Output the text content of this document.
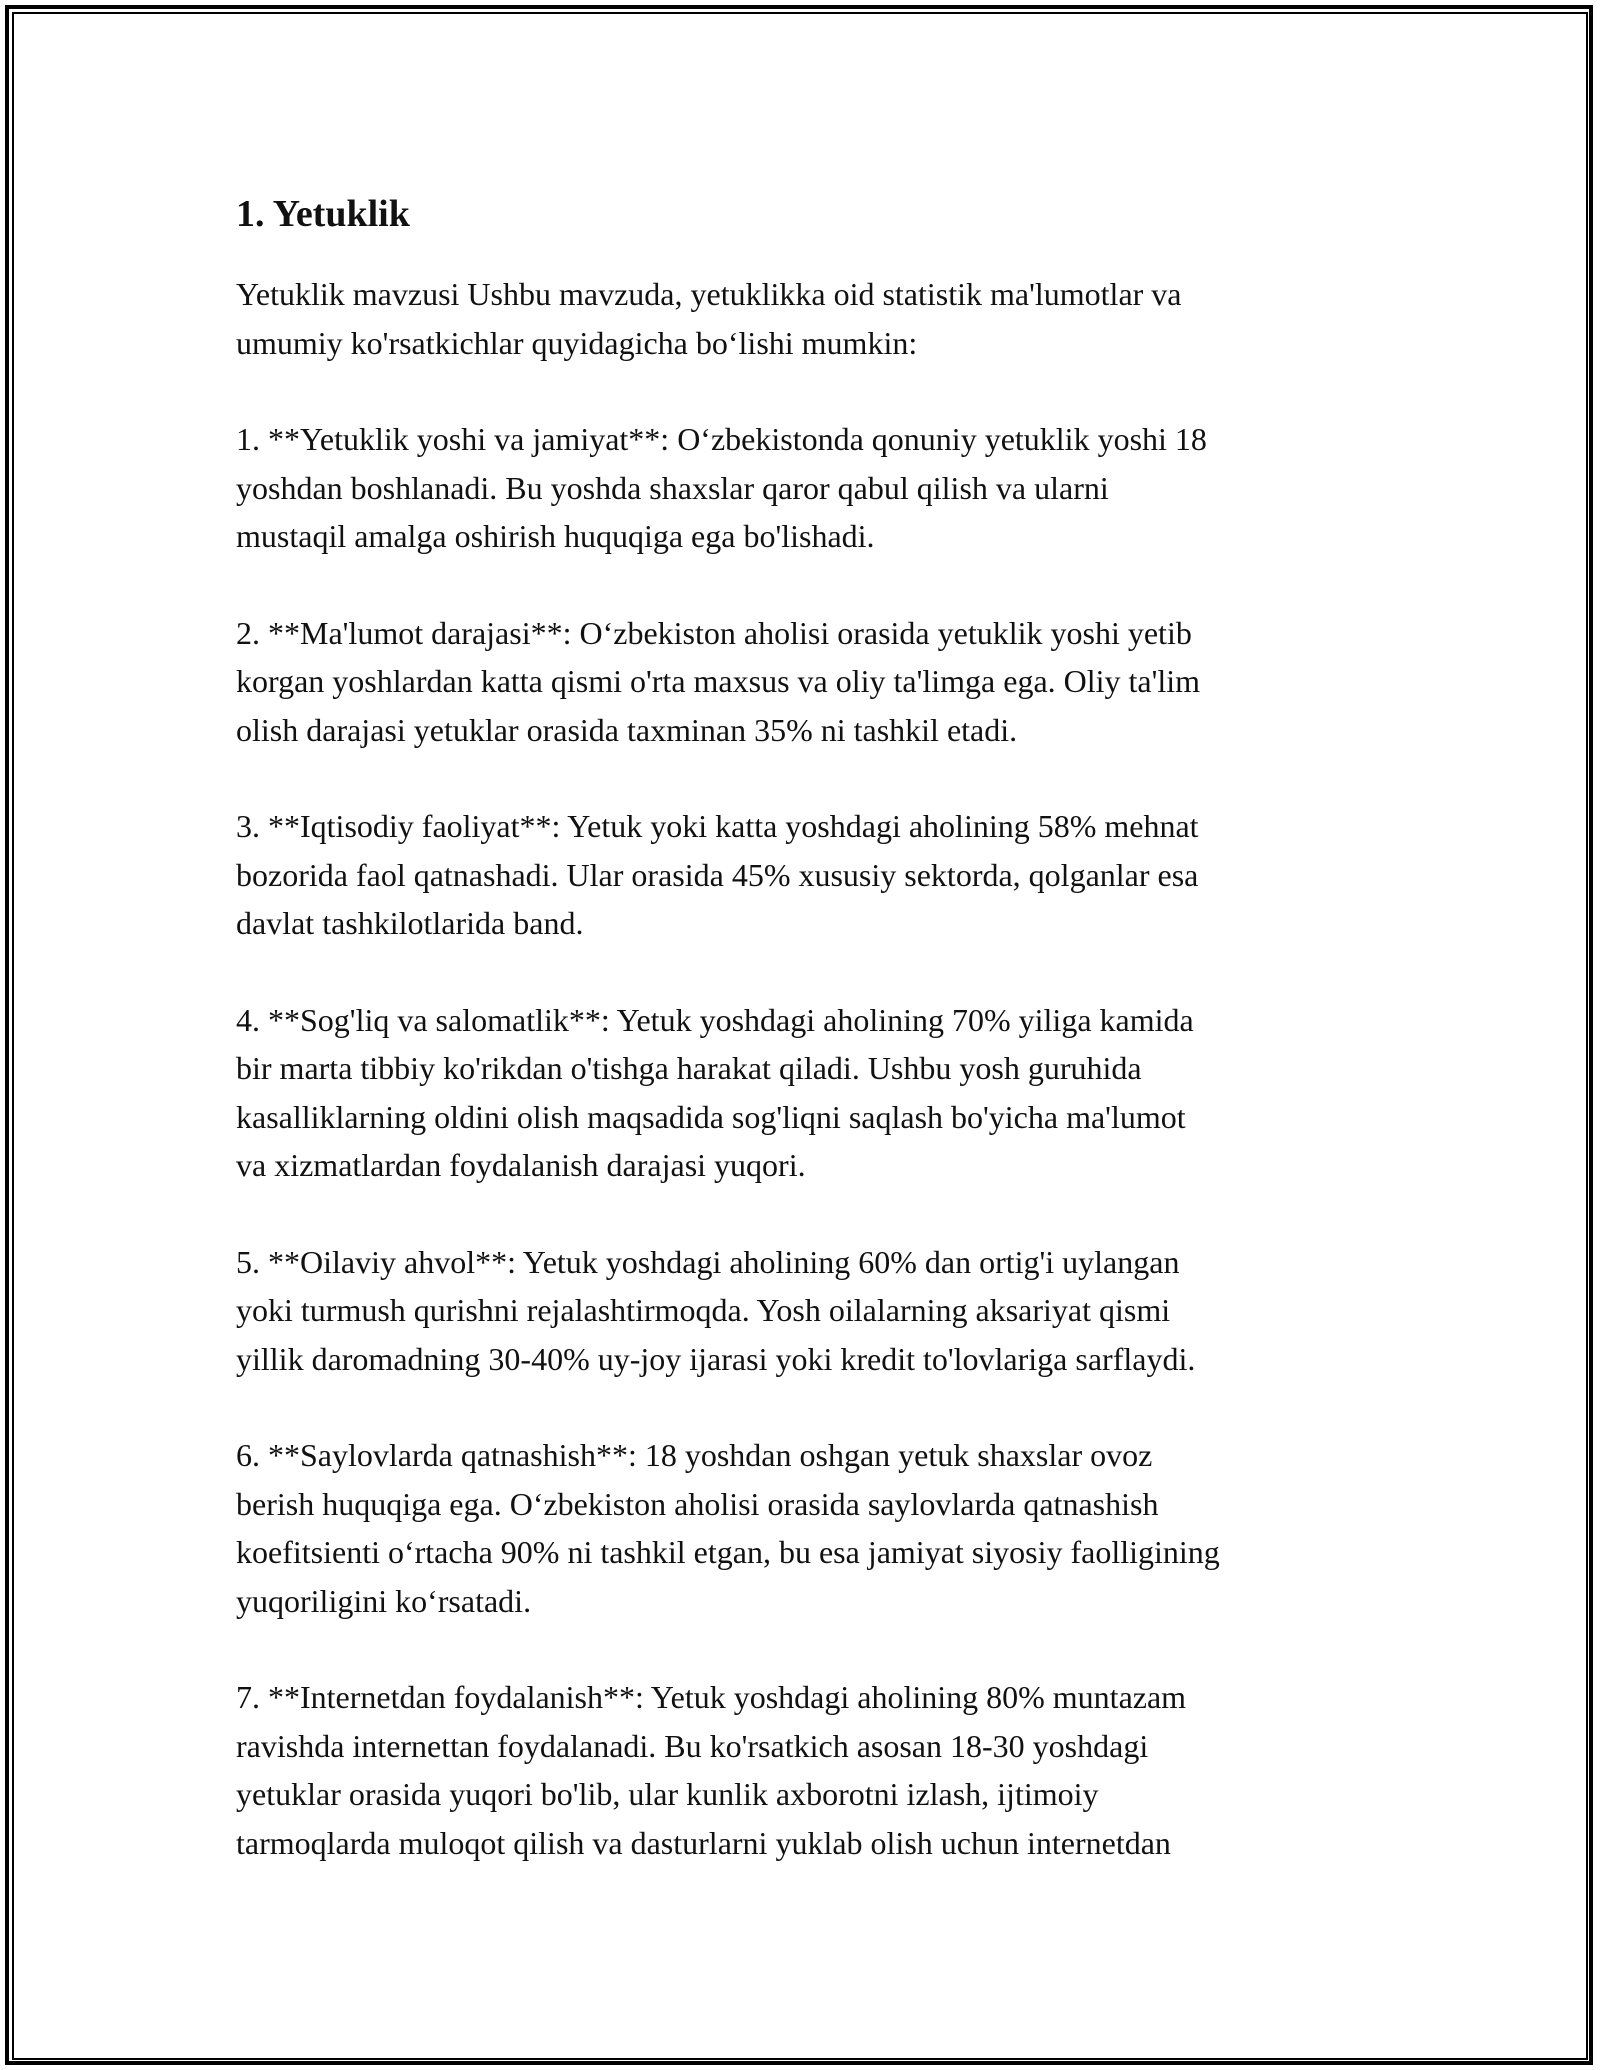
1. Yetuklik

Yetuklik mavzusi Ushbu mavzuda, yetuklikka oid statistik ma'lumotlar va
umumiy ko'rsatkichlar quyidagicha bo‘lishi mumkin:

1. **Yetuklik yoshi va jamiyat**: O‘zbekistonda qonuniy yetuklik yoshi 18
yoshdan boshlanadi. Bu yoshda shaxslar qaror qabul qilish va ularni
mustaqil amalga oshirish huquqiga ega bo'lishadi.

2. **Ma'lumot darajasi**: O‘zbekiston aholisi orasida yetuklik yoshi yetib
korgan yoshlardan katta qismi o'rta maxsus va oliy ta'limga ega. Oliy ta'lim
olish darajasi yetuklar orasida taxminan 35% ni tashkil etadi.

3. **Iqtisodiy faoliyat**: Yetuk yoki katta yoshdagi aholining 58% mehnat
bozorida faol qatnashadi. Ular orasida 45% xususiy sektorda, qolganlar esa
davlat tashkilotlarida band.

4. **Sog'liq va salomatlik**: Yetuk yoshdagi aholining 70% yiliga kamida
bir marta tibbiy ko'rikdan o'tishga harakat qiladi. Ushbu yosh guruhida
kasalliklarning oldini olish maqsadida sog'liqni saqlash bo'yicha ma'lumot
va xizmatlardan foydalanish darajasi yuqori.

5. **Oilaviy ahvol**: Yetuk yoshdagi aholining 60% dan ortig'i uylangan
yoki turmush qurishni rejalashtirmoqda. Yosh oilalarning aksariyat qismi
yillik daromadning 30-40% uy-joy ijarasi yoki kredit to'lovlariga sarflaydi.

6. **Saylovlarda qatnashish**: 18 yoshdan oshgan yetuk shaxslar ovoz
berish huquqiga ega. O‘zbekiston aholisi orasida saylovlarda qatnashish
koefitsienti o‘rtacha 90% ni tashkil etgan, bu esa jamiyat siyosiy faolligining
yuqoriligini ko‘rsatadi.

7. **Internetdan foydalanish**: Yetuk yoshdagi aholining 80% muntazam
ravishda internettan foydalanadi. Bu ko'rsatkich asosan 18-30 yoshdagi
yetuklar orasida yuqori bo'lib, ular kunlik axborotni izlash, ijtimoiy
tarmoqlarda muloqot qilish va dasturlarni yuklab olish uchun internetdan
